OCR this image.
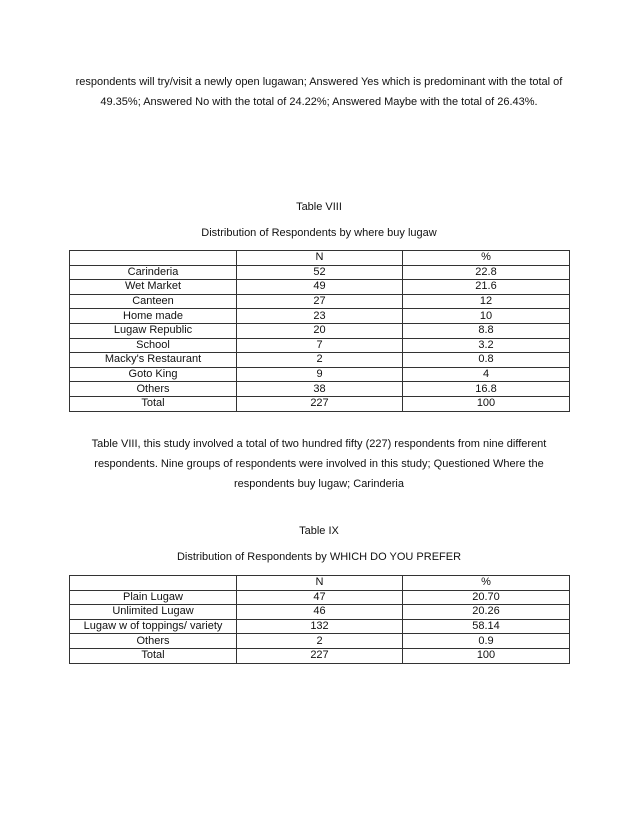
respondents will try/visit a newly open lugawan; Answered Yes which is predominant with the total of
49.35%; Answered No with the total of 24.22%; Answered Maybe with the total of 26.43%.
Table VIII
Distribution of Respondents by where buy lugaw
	N	%
Carinderia	52	22.8
Wet Market	49	21.6
Canteen	27	12
Home made	23	10
Lugaw Republic	20	8.8
School	7	3.2
Macky's Restaurant	2	0.8
Goto King	9	4
Others	38	16.8
Total	227	100
Table VIII, this study involved a total of two hundred fifty (227) respondents from nine different
respondents. Nine groups of respondents were involved in this study; Questioned Where the
respondents buy lugaw; Carinderia
Table IX
Distribution of Respondents by WHICH DO YOU PREFER
	N	%
Plain Lugaw	47	20.70
Unlimited Lugaw	46	20.26
Lugaw w of toppings/ variety	132	58.14
Others	2	0.9
Total	227	100
